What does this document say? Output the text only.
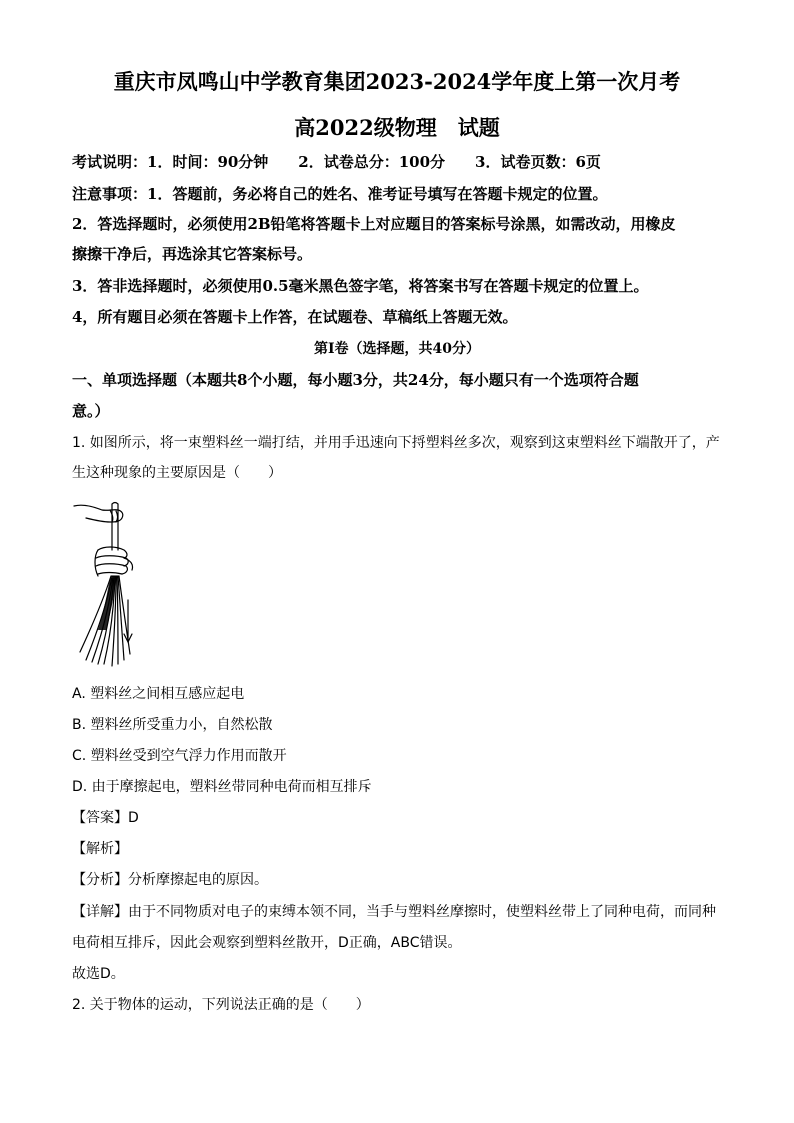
重庆市凤鸣山中学教育集团2023-2024学年度上第一次月考
高2022级物理　试题
考试说明：1．时间：90分钟　　2．试卷总分：100分　　3．试卷页数：6页
注意事项：1．答题前，务必将自己的姓名、准考证号填写在答题卡规定的位置。
2．答选择题时，必须使用2B铅笔将答题卡上对应题目的答案标号涂黑，如需改动，用橡皮
擦擦干净后，再选涂其它答案标号。
3．答非选择题时，必须使用0.5毫米黑色签字笔，将答案书写在答题卡规定的位置上。
4，所有题目必须在答题卡上作答，在试题卷、草稿纸上答题无效。
第Ⅰ卷（选择题，共40分）
一、单项选择题（本题共8个小题，每小题3分，共24分，每小题只有一个选项符合题
意。）
1. 如图所示，将一束塑料丝一端打结，并用手迅速向下捋塑料丝多次，观察到这束塑料丝下端散开了，产
生这种现象的主要原因是（　　）
A. 塑料丝之间相互感应起电
B. 塑料丝所受重力小，自然松散
C. 塑料丝受到空气浮力作用而散开
D. 由于摩擦起电，塑料丝带同种电荷而相互排斥
【答案】D
【解析】
【分析】分析摩擦起电的原因。
【详解】由于不同物质对电子的束缚本领不同，当手与塑料丝摩擦时，使塑料丝带上了同种电荷，而同种
电荷相互排斥，因此会观察到塑料丝散开，D正确，ABC错误。
故选D。
2. 关于物体的运动，下列说法正确的是（　　）
